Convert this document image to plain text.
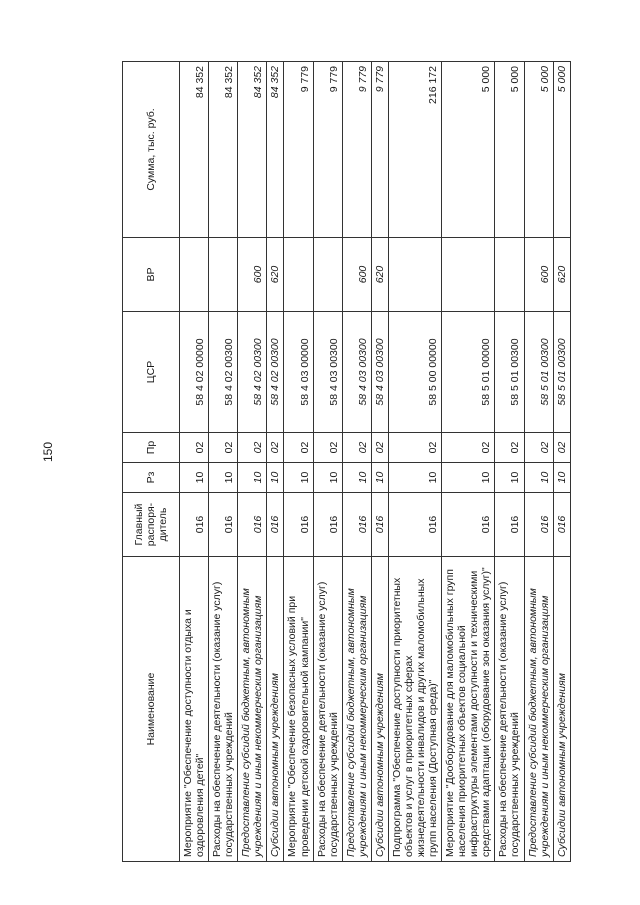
150
Наименование	Главный распоря-дитель	Рз	Пр	ЦСР	ВР	Сумма, тыс. руб.
Мероприятие "Обеспечение доступности отдыха и оздоровления детей"	016	10	02	58 4 02 00000		84 352
Расходы на обеспечение деятельности (оказание услуг) государственных учреждений	016	10	02	58 4 02 00300		84 352
Предоставление субсидий бюджетным, автономным учреждениям и иным некоммерческим организациям	016	10	02	58 4 02 00300	600	84 352
Субсидии автономным учреждениям	016	10	02	58 4 02 00300	620	84 352
Мероприятие "Обеспечение безопасных условий при проведении детской оздоровительной кампании"	016	10	02	58 4 03 00000		9 779
Расходы на обеспечение деятельности (оказание услуг) государственных учреждений	016	10	02	58 4 03 00300		9 779
Предоставление субсидий бюджетным, автономным учреждениям и иным некоммерческим организациям	016	10	02	58 4 03 00300	600	9 779
Субсидии автономным учреждениям	016	10	02	58 4 03 00300	620	9 779
Подпрограмма "Обеспечение доступности приоритетных объектов и услуг в приоритетных сферах жизнедеятельности инвалидов и других маломобильных групп населения (Доступная среда)"	016	10	02	58 5 00 00000		216 172
Мероприятие "Дооборудование для маломобильных групп населения приоритетных объектов социальной инфраструктуры элементами доступности и техническими средствами адаптации (оборудование зон оказания услуг)"	016	10	02	58 5 01 00000		5 000
Расходы на обеспечение деятельности (оказание услуг) государственных учреждений	016	10	02	58 5 01 00300		5 000
Предоставление субсидий бюджетным, автономным учреждениям и иным некоммерческим организациям	016	10	02	58 5 01 00300	600	5 000
Субсидии автономным учреждениям	016	10	02	58 5 01 00300	620	5 000
